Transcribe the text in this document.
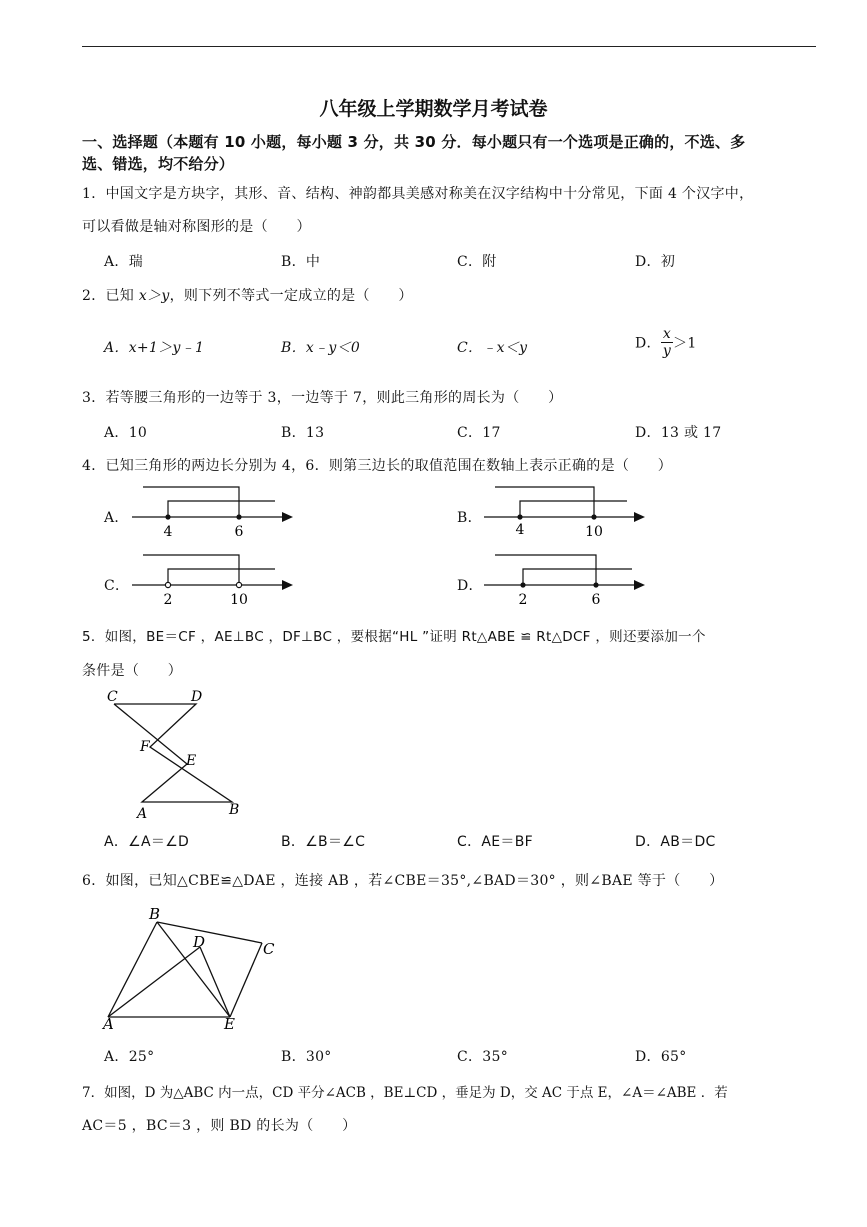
八年级上学期数学月考试卷
一、选择题（本题有 10 小题，每小题 3 分，共 30 分．每小题只有一个选项是正确的，不选、多
选、错选，均不给分）
1．中国文字是方块字，其形、音、结构、神韵都具美感对称美在汉字结构中十分常见，下面 4 个汉字中，
可以看做是轴对称图形的是（　　）
A．瑞	B．中	C．附	D．初
2．已知 x＞y，则下列不等式一定成立的是（　　）
A．x+1＞y﹣1	B．x﹣y＜0	C．﹣x＜y	D． $\frac{x}{y} >1$
3．若等腰三角形的一边等于 3，一边等于 7，则此三角形的周长为（　　）
A．10	B．13	C．17	D．13 或 17
4．已知三角形的两边长分别为 4，6．则第三边长的取值范围在数轴上表示正确的是（　　）
A．
4	6
B．
4	10
C．
2	10
D．
2	6
5．如图，BE＝CF ，AE⊥BC ，DF⊥BC ，要根据“HL ”证明 Rt△ABE ≌ Rt△DCF ，则还要添加一个
条件是（　　）
C	D
F
E
A	B
A．∠A＝∠D	B．∠B＝∠C	C．AE＝BF	D．AB＝DC
6．如图，已知△CBE≌△DAE ，连接 AB ，若∠CBE＝35°,∠BAD＝30° ，则∠BAE 等于（　　）
B
D	C
A	E
A．25°	B．30°	C．35°	D．65°
7．如图，D 为△ABC 内一点，CD 平分∠ACB ，BE⊥CD ，垂足为 D，交 AC 于点 E，∠A＝∠ABE ．若
AC＝5 ，BC＝3 ，则 BD 的长为（　　）
